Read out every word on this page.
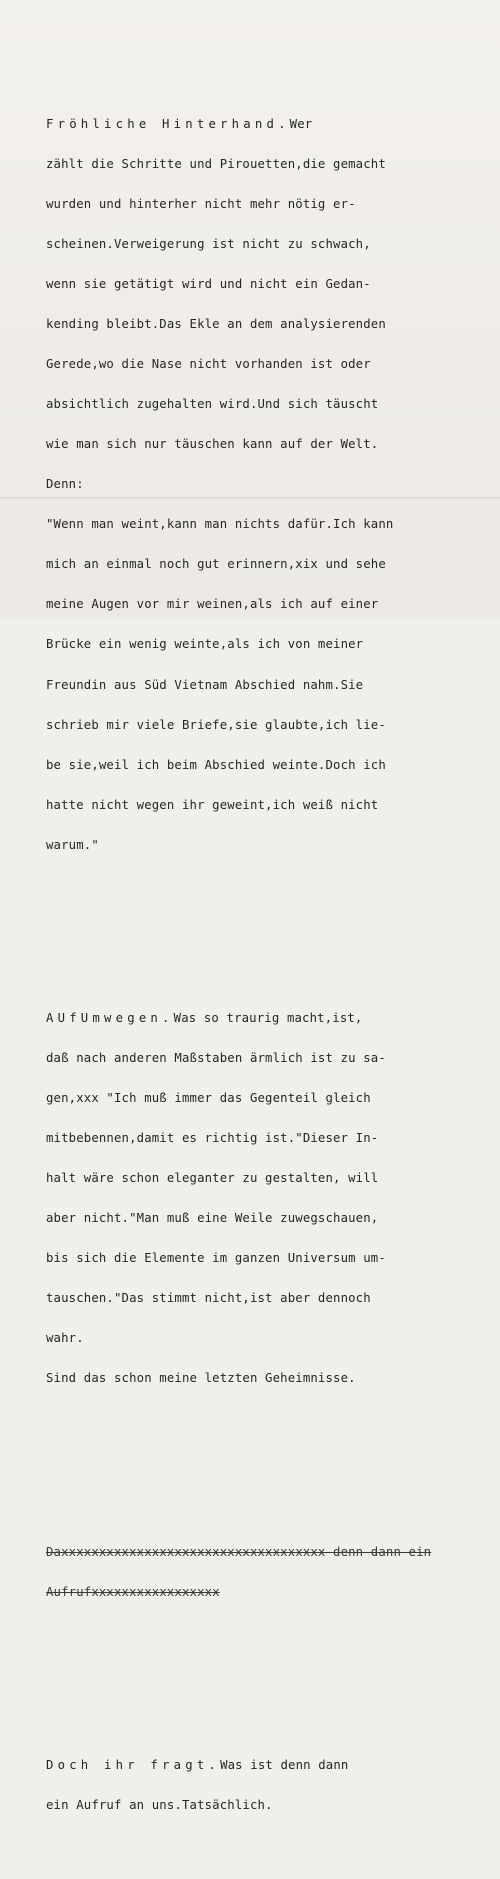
Fröhliche Hinterhand.Wer

zählt die Schritte und Pirouetten,die gemacht

wurden und hinterher nicht mehr nötig er-

scheinen.Verweigerung ist nicht zu schwach,

wenn sie getätigt wird und nicht ein Gedan-

kending bleibt.Das Ekle an dem analysierenden

Gerede,wo die Nase nicht vorhanden ist oder

absichtlich zugehalten wird.Und sich täuscht

wie man sich nur täuschen kann auf der Welt.

Denn:

"Wenn man weint,kann man nichts dafür.Ich kann

mich an einmal noch gut erinnern,xix und sehe

meine Augen vor mir weinen,als ich auf einer

Brücke ein wenig weinte,als ich von meiner

Freundin aus Süd Vietnam Abschied nahm.Sie

schrieb mir viele Briefe,sie glaubte,ich lie-

be sie,weil ich beim Abschied weinte.Doch ich

hatte nicht wegen ihr geweint,ich weiß nicht

warum."

AUfUmwegen.Was so traurig macht,ist,

daß nach anderen Maßstaben ärmlich ist zu sa-

gen,xxx "Ich muß immer das Gegenteil gleich

mitbebennen,damit es richtig ist."Dieser In-

halt wäre schon eleganter zu gestalten, will

aber nicht."Man muß eine Weile zuwegschauen,

bis sich die Elemente im ganzen Universum um-

tauschen."Das stimmt nicht,ist aber dennoch

wahr.

Sind das schon meine letzten Geheimnisse.

Daxxxxxxxxxxxxxxxxxxxxxxxxxxxxxxxxxxx denn dann ein

Aufrufxxxxxxxxxxxxxxxxx

Doch ihr fragt.Was ist denn dann

ein Aufruf an uns.Tatsächlich.
